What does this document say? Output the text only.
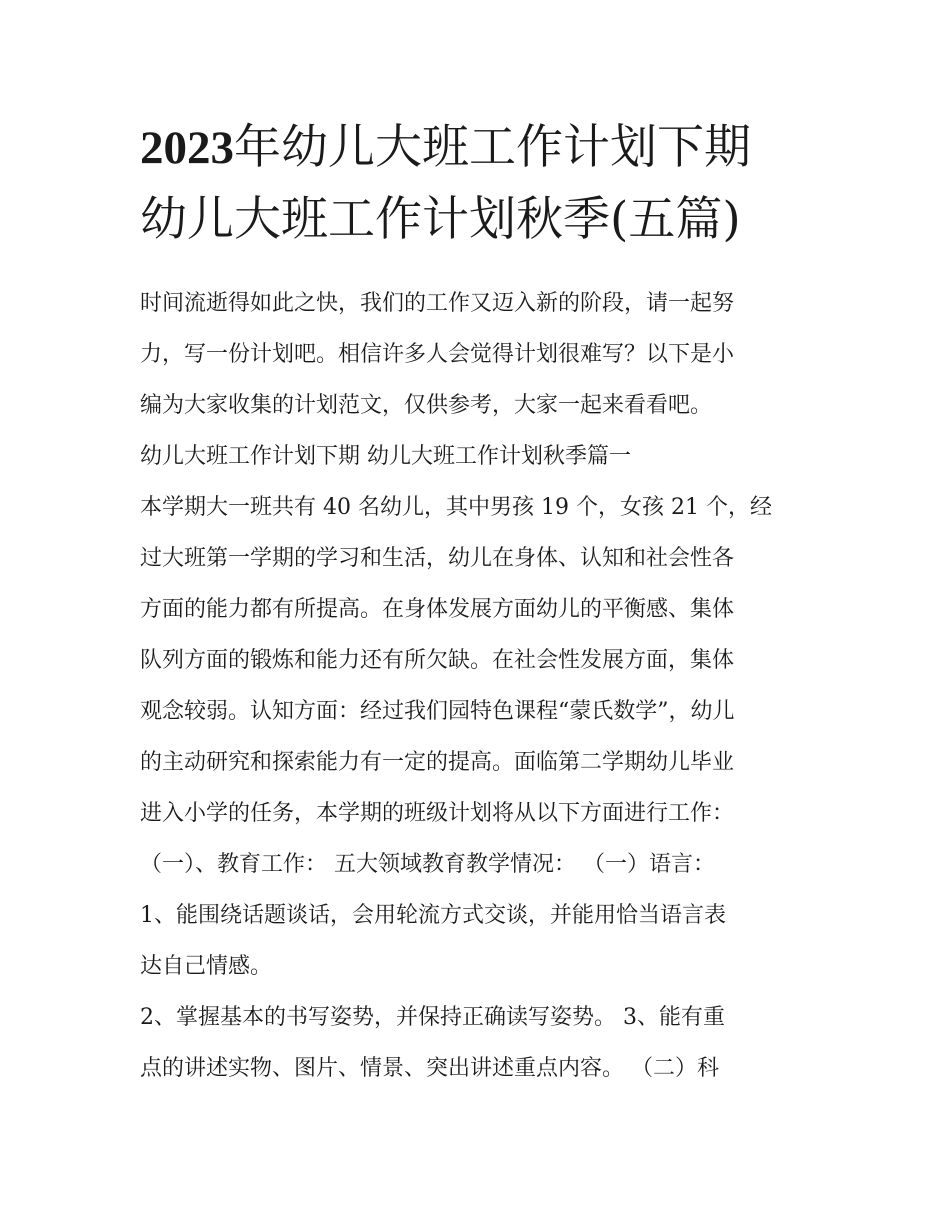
2023年幼儿大班工作计划下期
幼儿大班工作计划秋季(五篇)
时间流逝得如此之快，我们的工作又迈入新的阶段，请一起努
力，写一份计划吧。相信许多人会觉得计划很难写？以下是小
编为大家收集的计划范文，仅供参考，大家一起来看看吧。
幼儿大班工作计划下期 幼儿大班工作计划秋季篇一
本学期大一班共有 40 名幼儿，其中男孩 19 个，女孩 21 个，经
过大班第一学期的学习和生活，幼儿在身体、认知和社会性各
方面的能力都有所提高。在身体发展方面幼儿的平衡感、集体
队列方面的锻炼和能力还有所欠缺。在社会性发展方面，集体
观念较弱。认知方面：经过我们园特色课程“蒙氏数学”，幼儿
的主动研究和探索能力有一定的提高。面临第二学期幼儿毕业
进入小学的任务，本学期的班级计划将从以下方面进行工作：
（一）、教育工作： 五大领域教育教学情况： （一）语言：
1、能围绕话题谈话，会用轮流方式交谈，并能用恰当语言表
达自己情感。
2、掌握基本的书写姿势，并保持正确读写姿势。 3、能有重
点的讲述实物、图片、情景、突出讲述重点内容。 （二）科
